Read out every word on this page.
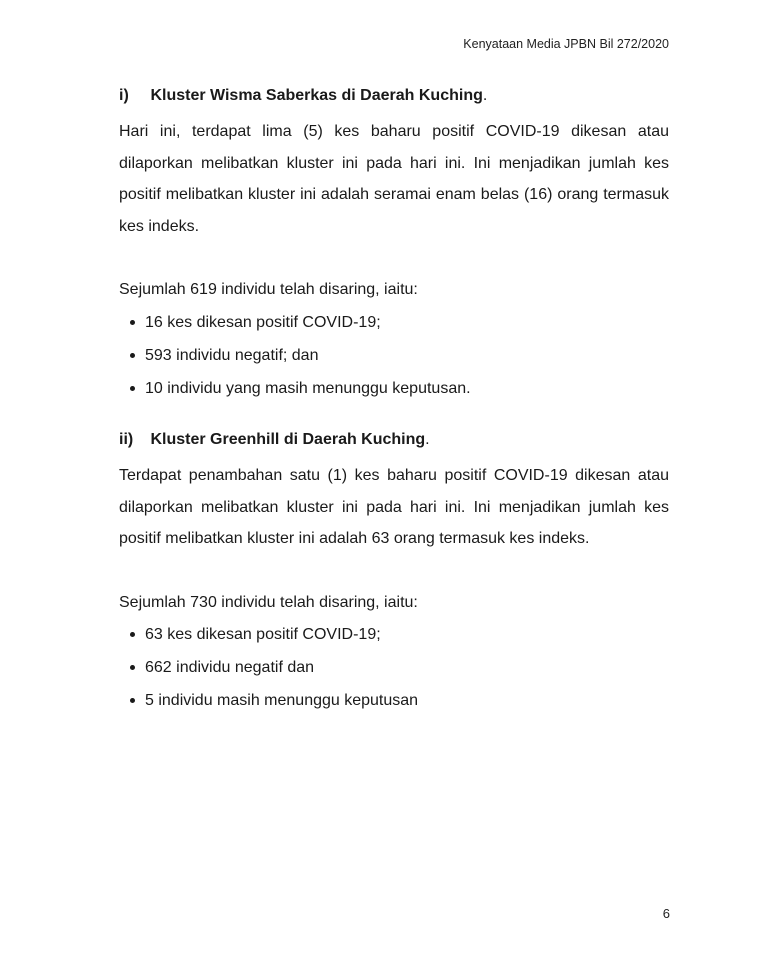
Kenyataan Media JPBN Bil 272/2020
i) Kluster Wisma Saberkas di Daerah Kuching.

Hari ini, terdapat lima (5) kes baharu positif COVID-19 dikesan atau dilaporkan melibatkan kluster ini pada hari ini. Ini menjadikan jumlah kes positif melibatkan kluster ini adalah seramai enam belas (16) orang termasuk kes indeks.

Sejumlah 619 individu telah disaring, iaitu:

16 kes dikesan positif COVID-19;
593 individu negatif; dan
10 individu yang masih menunggu keputusan.
ii) Kluster Greenhill di Daerah Kuching.

Terdapat penambahan satu (1) kes baharu positif COVID-19 dikesan atau dilaporkan melibatkan kluster ini pada hari ini. Ini menjadikan jumlah kes positif melibatkan kluster ini adalah 63 orang termasuk kes indeks.

Sejumlah 730 individu telah disaring, iaitu:

63 kes dikesan positif COVID-19;
662 individu negatif dan
5 individu masih menunggu keputusan
6
